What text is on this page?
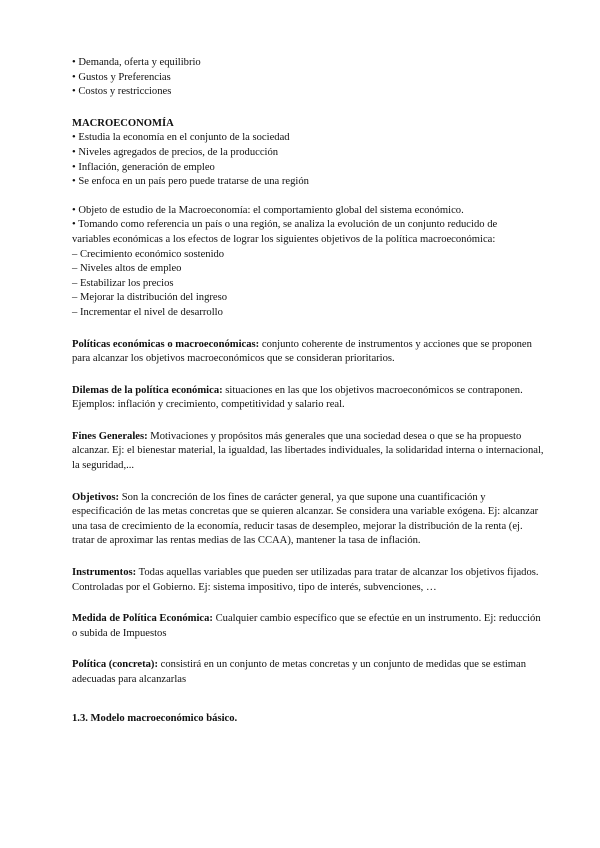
• Demanda, oferta y equilibrio
• Gustos y Preferencias
• Costos y restricciones
MACROECONOMÍA
• Estudia la economía en el conjunto de la sociedad
• Niveles agregados de precios, de la producción
• Inflación, generación de empleo
• Se enfoca en un país pero puede tratarse de una región
• Objeto de estudio de la Macroeconomía: el comportamiento global del sistema económico.
• Tomando como referencia un país o una región, se analiza la evolución de un conjunto reducido de
variables económicas a los efectos de lograr los siguientes objetivos de la política macroeconómica:
– Crecimiento económico sostenido
– Niveles altos de empleo
– Estabilizar los precios
– Mejorar la distribución del ingreso
– Incrementar el nivel de desarrollo

Políticas económicas o macroeconómicas: conjunto coherente de instrumentos y acciones que se proponen para alcanzar los objetivos macroeconómicos que se consideran prioritarios.

Dilemas de la política económica: situaciones en las que los objetivos macroeconómicos se contraponen. Ejemplos: inflación y crecimiento, competitividad y salario real.

Fines Generales: Motivaciones y propósitos más generales que una sociedad desea o que se ha propuesto alcanzar. Ej: el bienestar material, la igualdad, las libertades individuales, la solidaridad interna o internacional, la seguridad,...

Objetivos: Son la concreción de los fines de carácter general, ya que supone una cuantificación y especificación de las metas concretas que se quieren alcanzar. Se considera una variable exógena. Ej: alcanzar una tasa de crecimiento de la economía, reducir tasas de desempleo, mejorar la distribución de la renta (ej. tratar de aproximar las rentas medias de las CCAA), mantener la tasa de inflación.

Instrumentos: Todas aquellas variables que pueden ser utilizadas para tratar de alcanzar los objetivos fijados. Controladas por el Gobierno. Ej: sistema impositivo, tipo de interés, subvenciones, …

Medida de Política Económica: Cualquier cambio específico que se efectúe en un instrumento. Ej: reducción o subida de Impuestos

Política (concreta): consistirá en un conjunto de metas concretas y un conjunto de medidas que se estiman adecuadas para alcanzarlas

1.3. Modelo macroeconómico básico.
